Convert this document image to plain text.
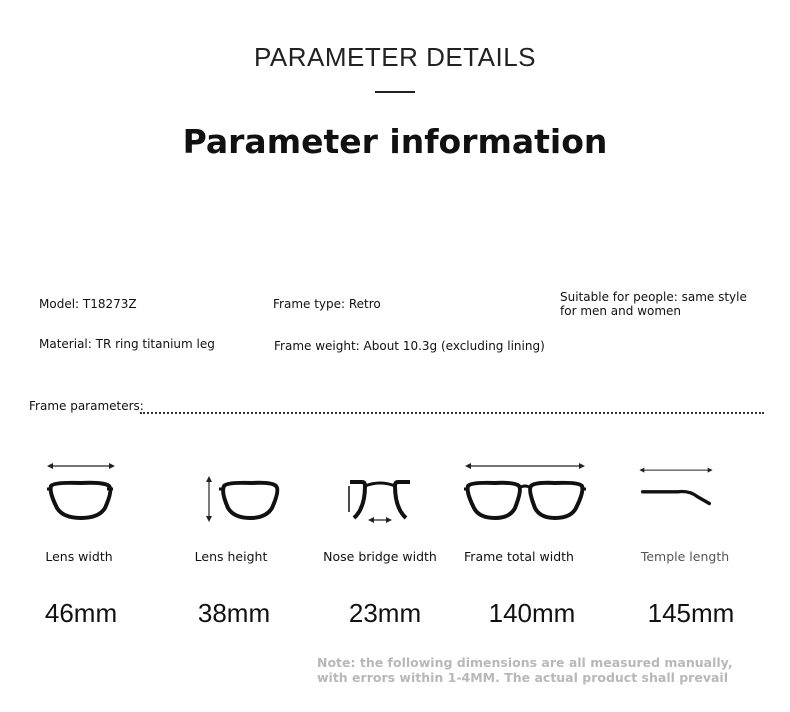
PARAMETER DETAILS
Parameter information
Model: T18273Z	Frame type: Retro	Suitable for people: same style
for men and women
Material: TR ring titanium leg	Frame weight: About 10.3g (excluding lining)
Frame parameters:
Lens width	Lens height	Nose bridge width	Frame total width	Temple length
46mm	38mm	23mm	140mm	145mm
Note: the following dimensions are all measured manually,
with errors within 1-4MM. The actual product shall prevail
